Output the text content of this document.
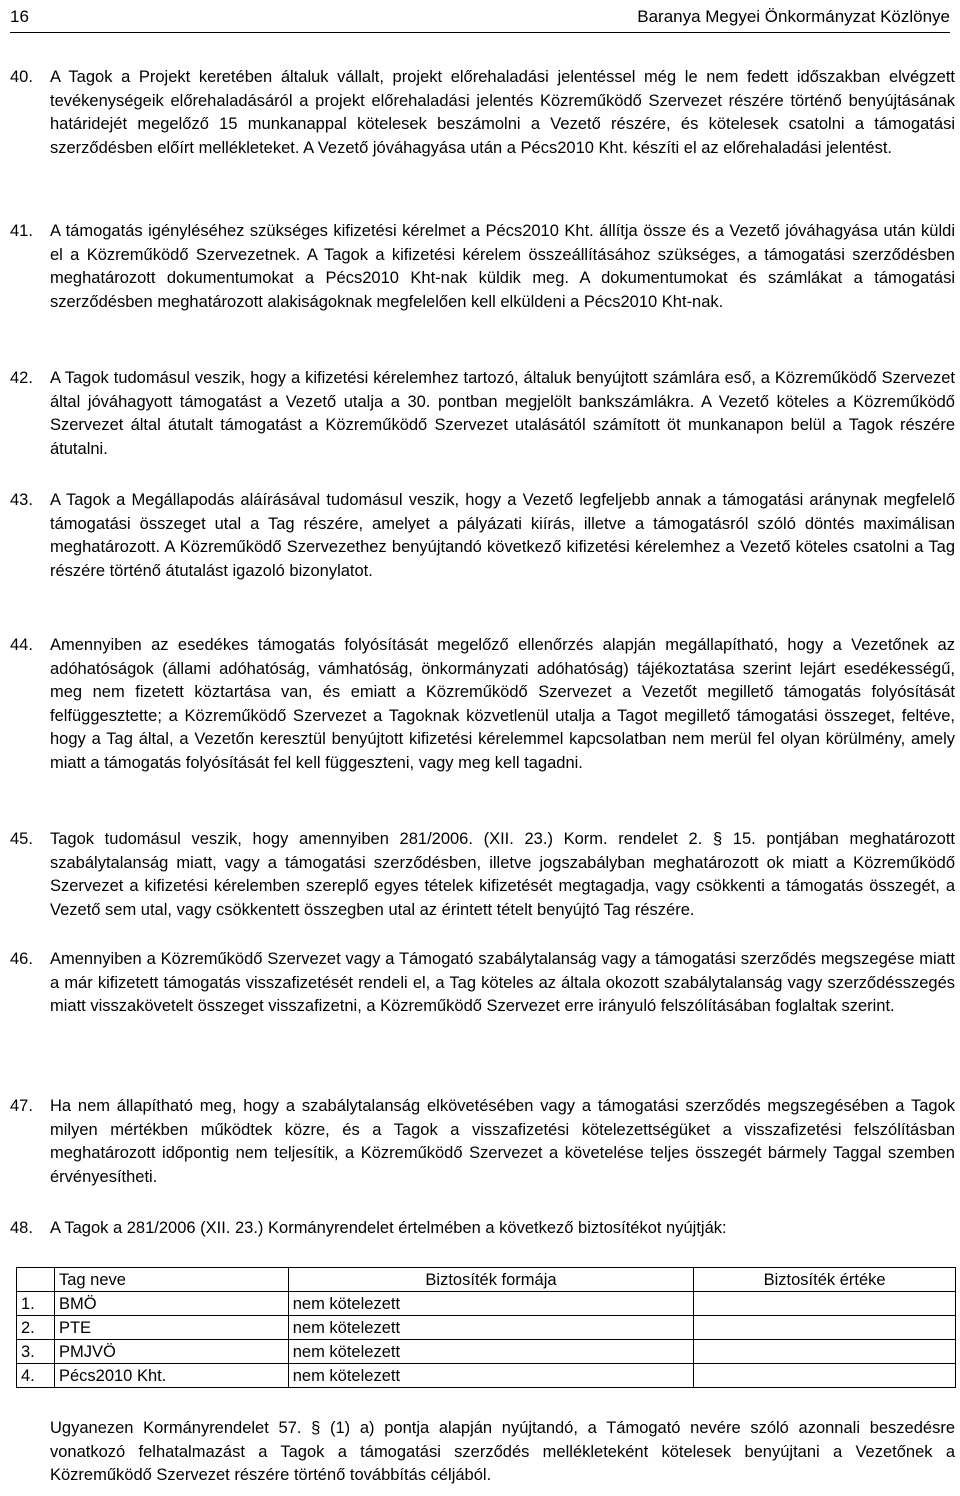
16	Baranya Megyei Önkormányzat Közlönye
40.	A Tagok a Projekt keretében általuk vállalt, projekt előrehaladási jelentéssel még le nem fedett időszakban elvégzett tevékenységeik előrehaladásáról a projekt előrehaladási jelentés Közreműködő Szervezet részére történő benyújtásának határidejét megelőző 15 munkanappal kötelesek beszámolni a Vezető részére, és kötelesek csatolni a támogatási szerződésben előírt mellékleteket. A Vezető jóváhagyása után a Pécs2010 Kht. készíti el az előrehaladási jelentést.
41.	A támogatás igényléséhez szükséges kifizetési kérelmet a Pécs2010 Kht. állítja össze és a Vezető jóváhagyása után küldi el a Közreműködő Szervezetnek. A Tagok a kifizetési kérelem összeállításához szükséges, a támogatási szerződésben meghatározott dokumentumokat a Pécs2010 Kht-nak küldik meg. A dokumentumokat és számlákat a támogatási szerződésben meghatározott alakiságoknak megfelelően kell elküldeni a Pécs2010 Kht-nak.
42.	A Tagok tudomásul veszik, hogy a kifizetési kérelemhez tartozó, általuk benyújtott számlára eső, a Közreműködő Szervezet által jóváhagyott támogatást a Vezető utalja a 30. pontban megjelölt bankszámlákra. A Vezető köteles a Közreműködő Szervezet által átutalt támogatást a Közreműködő Szervezet utalásától számított öt munkanapon belül a Tagok részére átutalni.
43.	A Tagok a Megállapodás aláírásával tudomásul veszik, hogy a Vezető legfeljebb annak a támogatási aránynak megfelelő támogatási összeget utal a Tag részére, amelyet a pályázati kiírás, illetve a támogatásról szóló döntés maximálisan meghatározott. A Közreműködő Szervezethez benyújtandó következő kifizetési kérelemhez a Vezető köteles csatolni a Tag részére történő átutalást igazoló bizonylatot.
44.	Amennyiben az esedékes támogatás folyósítását megelőző ellenőrzés alapján megállapítható, hogy a Vezetőnek az adóhatóságok (állami adóhatóság, vámhatóság, önkormányzati adóhatóság) tájékoztatása szerint lejárt esedékességű, meg nem fizetett köztartása van, és emiatt a Közreműködő Szervezet a Vezetőt megillető támogatás folyósítását felfüggesztette; a Közreműködő Szervezet a Tagoknak közvetlenül utalja a Tagot megillető támogatási összeget, feltéve, hogy a Tag által, a Vezetőn keresztül benyújtott kifizetési kérelemmel kapcsolatban nem merül fel olyan körülmény, amely miatt a támogatás folyósítását fel kell függeszteni, vagy meg kell tagadni.
45.	Tagok tudomásul veszik, hogy amennyiben 281/2006. (XII. 23.) Korm. rendelet 2. § 15. pontjában meghatározott szabálytalanság miatt, vagy a támogatási szerződésben, illetve jogszabályban meghatározott ok miatt a Közreműködő Szervezet a kifizetési kérelemben szereplő egyes tételek kifizetését megtagadja, vagy csökkenti a támogatás összegét, a Vezető sem utal, vagy csökkentett összegben utal az érintett tételt benyújtó Tag részére.
46.	Amennyiben a Közreműködő Szervezet vagy a Támogató szabálytalanság vagy a támogatási szerződés megszegése miatt a már kifizetett támogatás visszafizetését rendeli el, a Tag köteles az általa okozott szabálytalanság vagy szerződésszegés miatt visszakövetelt összeget visszafizetni, a Közreműködő Szervezet erre irányuló felszólításában foglaltak szerint.
47.	Ha nem állapítható meg, hogy a szabálytalanság elkövetésében vagy a támogatási szerződés megszegésében a Tagok milyen mértékben működtek közre, és a Tagok a visszafizetési kötelezettségüket a visszafizetési felszólításban meghatározott időpontig nem teljesítik, a Közreműködő Szervezet a követelése teljes összegét bármely Taggal szemben érvényesítheti.
48.	A Tagok a 281/2006 (XII. 23.) Kormányrendelet értelmében a következő biztosítékot nyújtják:
	Tag neve	Biztosíték formája	Biztosíték értéke
1.	BMÖ	nem kötelezett	
2.	PTE	nem kötelezett	
3.	PMJVÖ	nem kötelezett	
4.	Pécs2010 Kht.	nem kötelezett	
Ugyanezen Kormányrendelet 57. § (1) a) pontja alapján nyújtandó, a Támogató nevére szóló azonnali beszedésre vonatkozó felhatalmazást a Tagok a támogatási szerződés mellékleteként kötelesek benyújtani a Vezetőnek a Közreműködő Szervezet részére történő továbbítás céljából.
